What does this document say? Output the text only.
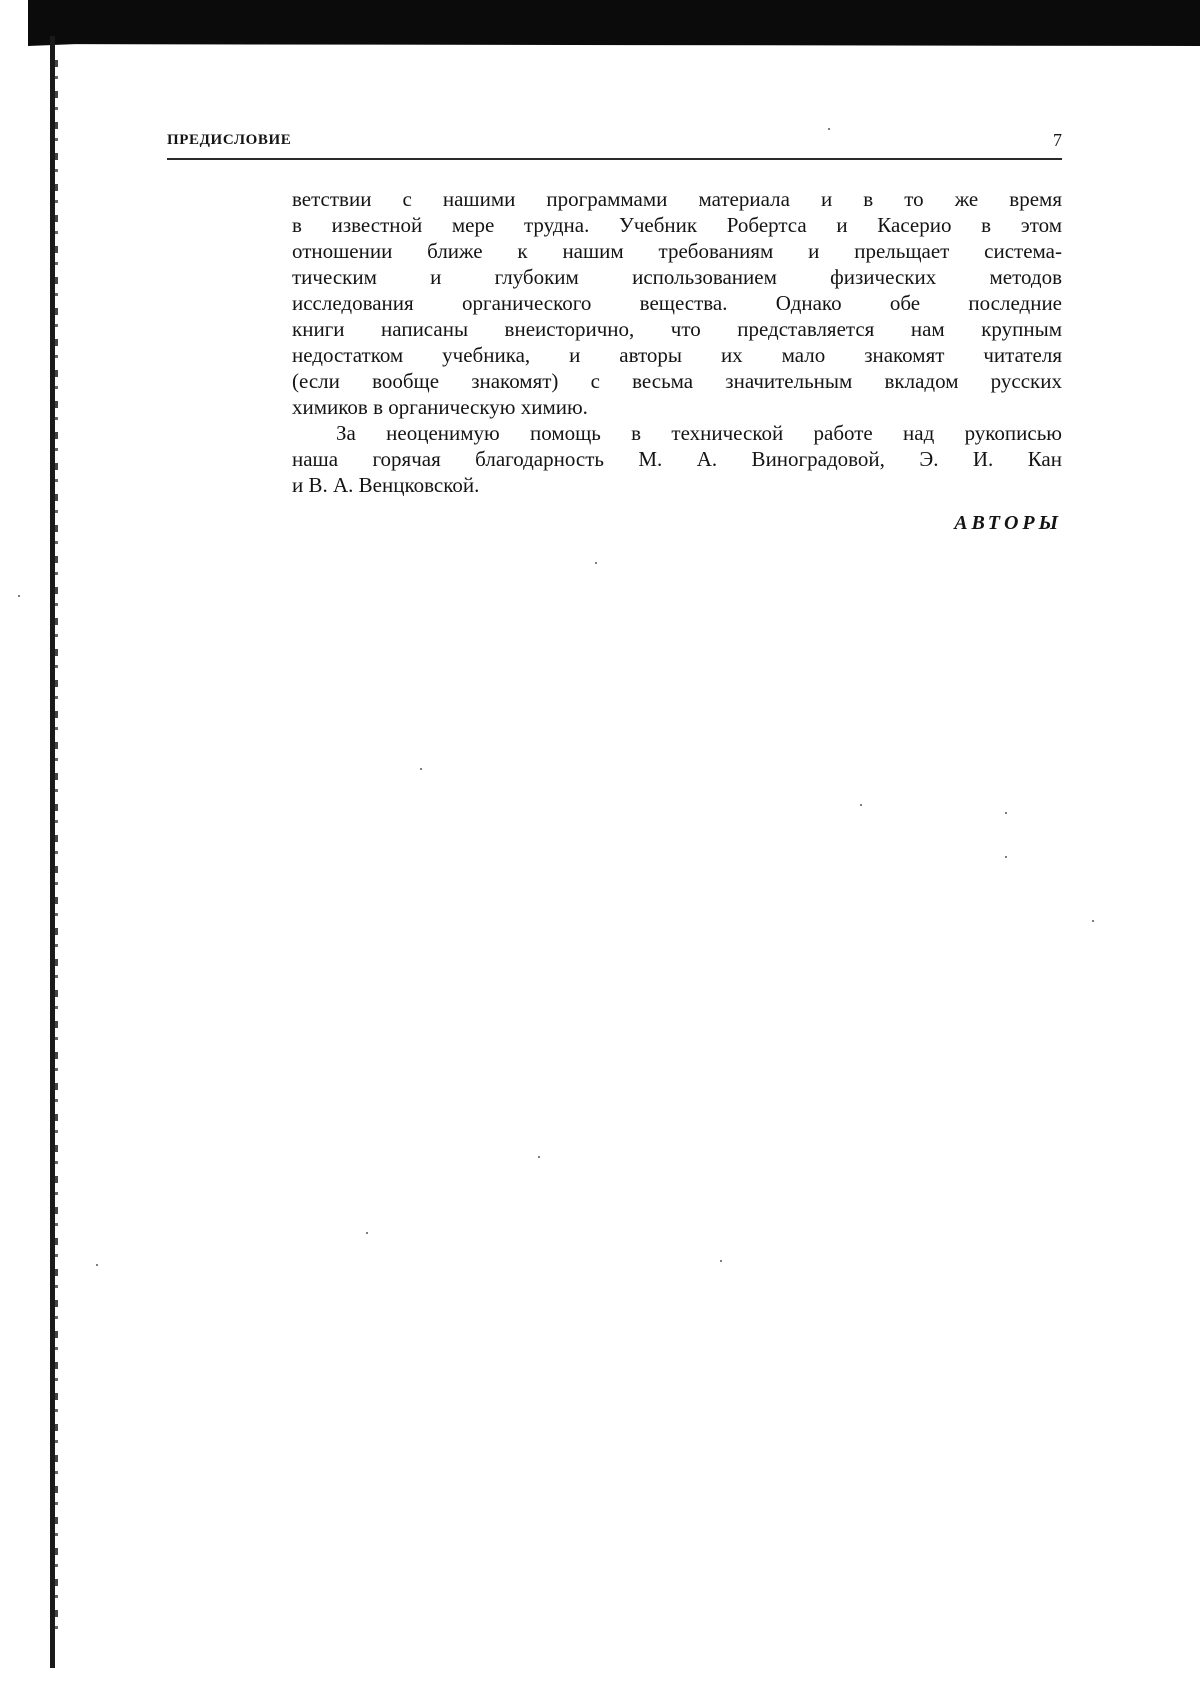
ПРЕДИСЛОВИЕ	7
ветствии с нашими программами материала и в то же время
в известной мере трудна. Учебник Робертса и Касерио в этом
отношении ближе к нашим требованиям и прельщает система-
тическим и глубоким использованием физических методов
исследования органического вещества. Однако обе последние
книги написаны внеисторично, что представляется нам крупным
недостатком учебника, и авторы их мало знакомят читателя
(если вообще знакомят) с весьма значительным вкладом русских
химиков в органическую химию.
За неоценимую помощь в технической работе над рукописью
наша горячая благодарность М. А. Виноградовой, Э. И. Кан
и В. А. Венцковской.
АВТОРЫ
